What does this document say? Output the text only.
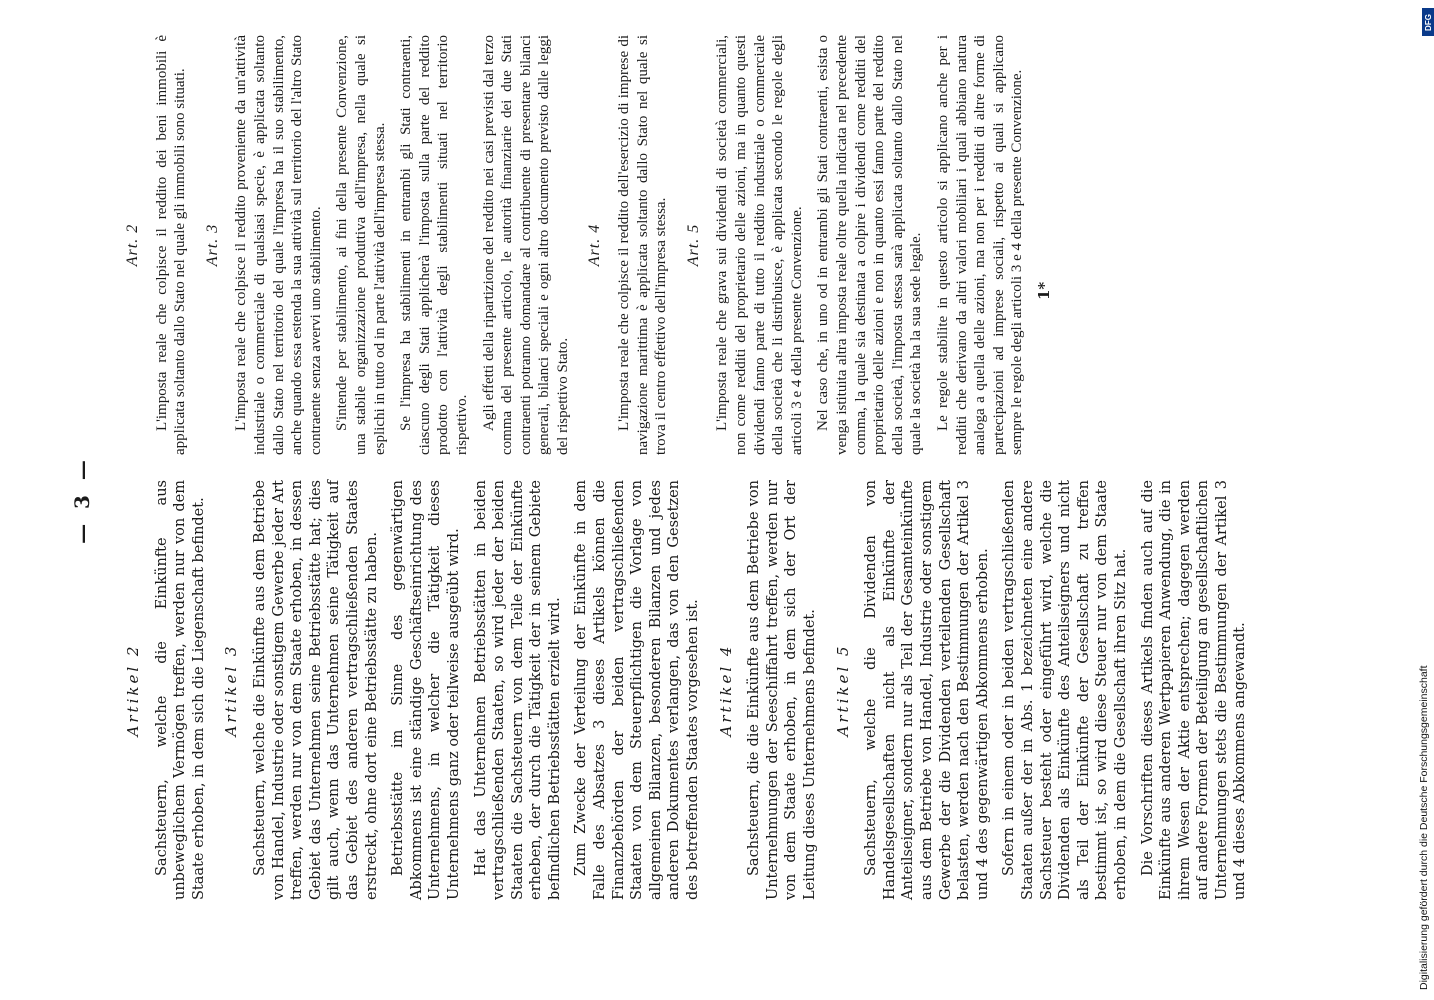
— 3 —
Artikel 2 Sachsteuern, welche die Einkünfte aus unbeweglichem Vermögen treffen, werden nur von dem Staate erhoben, in dem sich die Liegenschaft befindet. Artikel 3 Sachsteuern, welche die Einkünfte aus dem Betriebe von Handel, Industrie oder sonstigem Gewerbe jeder Art treffen, werden nur von dem Staate erhoben, in dessen Gebiet das Unternehmen seine Betriebsstätte hat; dies gilt auch, wenn das Unternehmen seine Tätigkeit auf das Gebiet des anderen vertragschließenden Staates erstreckt, ohne dort eine Betriebsstätte zu haben. Betriebsstätte im Sinne des gegenwärtigen Abkommens ist eine ständige Geschäftseinrichtung des Unternehmens, in welcher die Tätigkeit dieses Unternehmens ganz oder teilweise ausgeübt wird. Hat das Unternehmen Betriebsstätten in beiden vertragschließenden Staaten, so wird jeder der beiden Staaten die Sachsteuern von dem Teile der Einkünfte erheben, der durch die Tätigkeit der in seinem Gebiete befindlichen Betriebsstätten erzielt wird. Zum Zwecke der Verteilung der Einkünfte in dem Falle des Absatzes 3 dieses Artikels können die Finanzbehörden der beiden vertragschließenden Staaten von dem Steuerpflichtigen die Vorlage von allgemeinen Bilanzen, besonderen Bilanzen und jedes anderen Dokumentes verlangen, das von den Gesetzen des betreffenden Staates vorgesehen ist. Artikel 4 Sachsteuern, die die Einkünfte aus dem Betriebe von Unternehmungen der Seeschiffahrt treffen, werden nur von dem Staate erhoben, in dem sich der Ort der Leitung dieses Unternehmens befindet. Artikel 5 Sachsteuern, welche die Dividenden von Handelsgesellschaften nicht als Einkünfte der Anteilseigner, sondern nur als Teil der Gesamteinkünfte aus dem Betriebe von Handel, Industrie oder sonstigem Gewerbe der die Dividenden verteilenden Gesellschaft belasten, werden nach den Bestimmungen der Artikel 3 und 4 des gegenwärtigen Abkommens erhoben. Sofern in einem oder in beiden vertragschließenden Staaten außer der in Abs. 1 bezeichneten eine andere Sachsteuer besteht oder eingeführt wird, welche die Dividenden als Einkünfte des Anteilseigners und nicht als Teil der Einkünfte der Gesellschaft zu treffen bestimmt ist, so wird diese Steuer nur von dem Staate erhoben, in dem die Gesellschaft ihren Sitz hat. Die Vorschriften dieses Artikels finden auch auf die Einkünfte aus anderen Wertpapieren Anwendung, die in ihrem Wesen der Aktie entsprechen; dagegen werden auf andere Formen der Beteiligung an gesellschaftlichen Unternehmungen stets die Bestimmungen der Artikel 3 und 4 dieses Abkommens angewandt.

Art. 2 L'imposta reale che colpisce il reddito dei beni immobili è applicata soltanto dallo Stato nel quale gli immobili sono situati. Art. 3 L'imposta reale che colpisce il reddito proveniente da un'attività industriale o commerciale di qualsiasi specie, è applicata soltanto dallo Stato nel territorio del quale l'impresa ha il suo stabilimento, anche quando essa estenda la sua attività sul territorio del l'altro Stato contraente senza avervi uno stabilimento. S'intende per stabilimento, ai fini della presente Convenzione, una stabile organizzazione produttiva dell'impresa, nella quale si esplichi in tutto od in parte l'attività dell'impresa stessa. Se l'impresa ha stabilimenti in entrambi gli Stati contraenti, ciascuno degli Stati applicherà l'imposta sulla parte del reddito prodotto con l'attività degli stabilimenti situati nel territorio rispettivo. Agli effetti della ripartizione del reddito nei casi previsti dal terzo comma del presente articolo, le autorità finanziarie dei due Stati contraenti potranno domandare al contribuente di presentare bilanci generali, bilanci speciali e ogni altro documento previsto dalle leggi del rispettivo Stato.

Art. 4 L'imposta reale che colpisce il reddito dell'esercizio di imprese di navigazione marittima è applicata soltanto dallo Stato nel quale si trova il centro effettivo dell'impresa stessa. Art. 5 L'imposta reale che grava sui dividendi di società commerciali, non come redditi del proprietario delle azioni, ma in quanto questi dividendi fanno parte di tutto il reddito industriale o commerciale della società che li distribuisce, è applicata secondo le regole degli articoli 3 e 4 della presente Convenzione. Nel caso che, in uno od in entrambi gli Stati contraenti, esista o venga istituita altra imposta reale oltre quella indicata nel precedente comma, la quale sia destinata a colpire i dividendi come redditi del proprietario delle azioni e non in quanto essi fanno parte del reddito della società, l'imposta stessa sarà applicata soltanto dallo Stato nel quale la società ha la sua sede legale. Le regole stabilite in questo articolo si applicano anche per i redditi che derivano da altri valori mobiliari i quali abbiano natura analoga a quella delle azioni, ma non per i redditi di altre forme di partecipazioni ad imprese sociali, rispetto ai quali si applicano sempre le regole degli articoli 3 e 4 della presente Convenzione. 1*
Digitalisierung gefördert durch die Deutsche Forschungsgemeinschaft
DFG
